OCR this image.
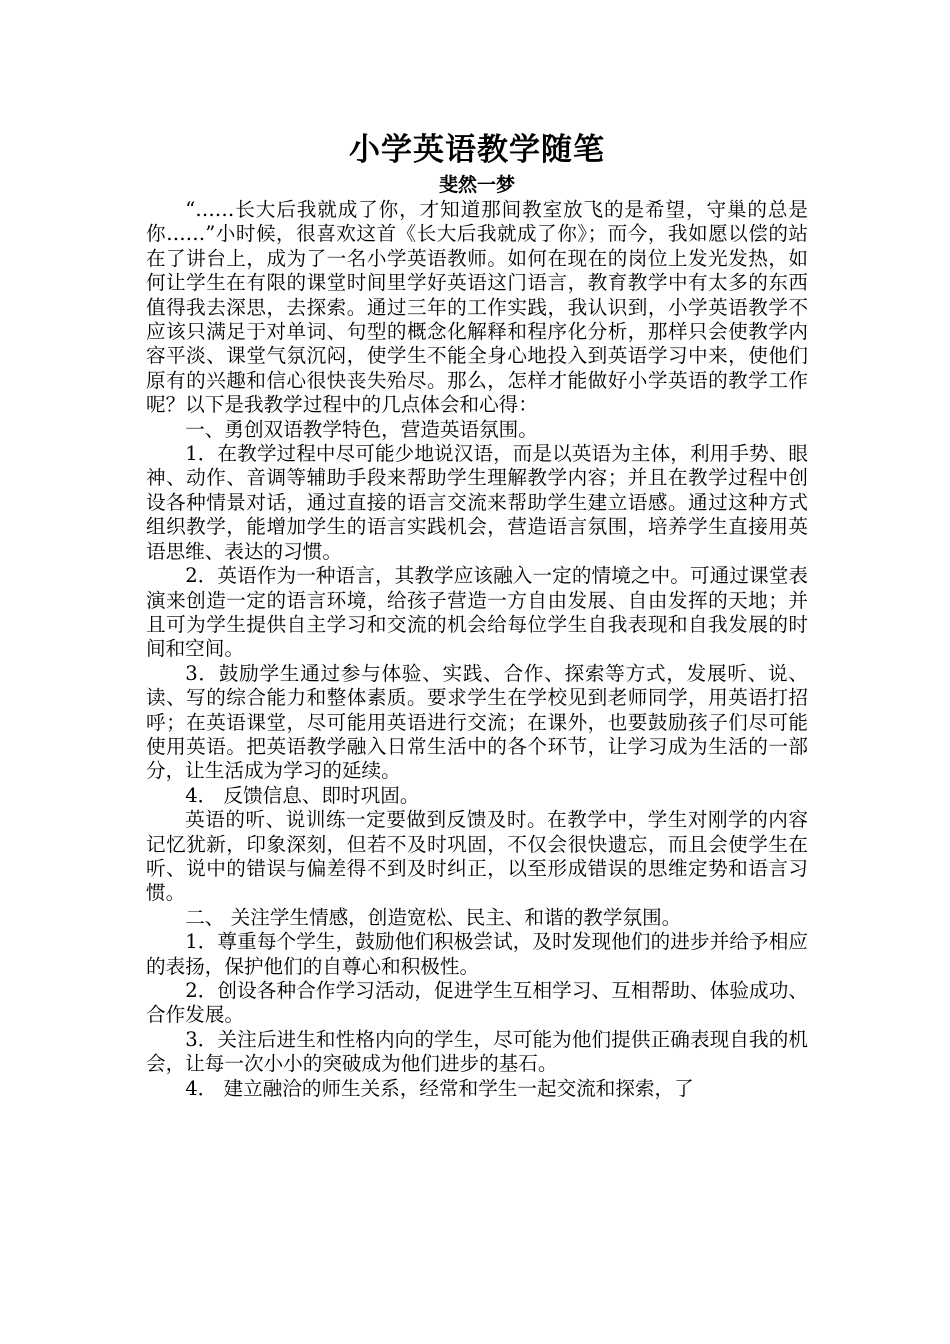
小学英语教学随笔
斐然一梦

“……长大后我就成了你，才知道那间教室放飞的是希望，守巢的总是你……”小时候，很喜欢这首《长大后我就成了你》；而今，我如愿以偿的站在了讲台上，成为了一名小学英语教师。如何在现在的岗位上发光发热，如何让学生在有限的课堂时间里学好英语这门语言，教育教学中有太多的东西值得我去深思，去探索。通过三年的工作实践，我认识到，小学英语教学不应该只满足于对单词、句型的概念化解释和程序化分析，那样只会使教学内容平淡、课堂气氛沉闷，使学生不能全身心地投入到英语学习中来，使他们原有的兴趣和信心很快丧失殆尽。那么，怎样才能做好小学英语的教学工作呢？以下是我教学过程中的几点体会和心得：

一、勇创双语教学特色，营造英语氛围。

1．在教学过程中尽可能少地说汉语，而是以英语为主体，利用手势、眼神、动作、音调等辅助手段来帮助学生理解教学内容；并且在教学过程中创设各种情景对话，通过直接的语言交流来帮助学生建立语感。通过这种方式组织教学，能增加学生的语言实践机会，营造语言氛围，培养学生直接用英语思维、表达的习惯。

2．英语作为一种语言，其教学应该融入一定的情境之中。可通过课堂表演来创造一定的语言环境，给孩子营造一方自由发展、自由发挥的天地；并且可为学生提供自主学习和交流的机会给每位学生自我表现和自我发展的时间和空间。

3．鼓励学生通过参与体验、实践、合作、探索等方式，发展听、说、读、写的综合能力和整体素质。要求学生在学校见到老师同学，用英语打招呼；在英语课堂，尽可能用英语进行交流；在课外，也要鼓励孩子们尽可能使用英语。把英语教学融入日常生活中的各个环节，让学习成为生活的一部分，让生活成为学习的延续。

4． 反馈信息、即时巩固。

英语的听、说训练一定要做到反馈及时。在教学中，学生对刚学的内容记忆犹新，印象深刻，但若不及时巩固，不仅会很快遗忘，而且会使学生在听、说中的错误与偏差得不到及时纠正，以至形成错误的思维定势和语言习惯。

二、 关注学生情感，创造宽松、民主、和谐的教学氛围。

1．尊重每个学生，鼓励他们积极尝试，及时发现他们的进步并给予相应的表扬，保护他们的自尊心和积极性。

2．创设各种合作学习活动，促进学生互相学习、互相帮助、体验成功、合作发展。

3．关注后进生和性格内向的学生，尽可能为他们提供正确表现自我的机会，让每一次小小的突破成为他们进步的基石。

4． 建立融洽的师生关系，经常和学生一起交流和探索，了
